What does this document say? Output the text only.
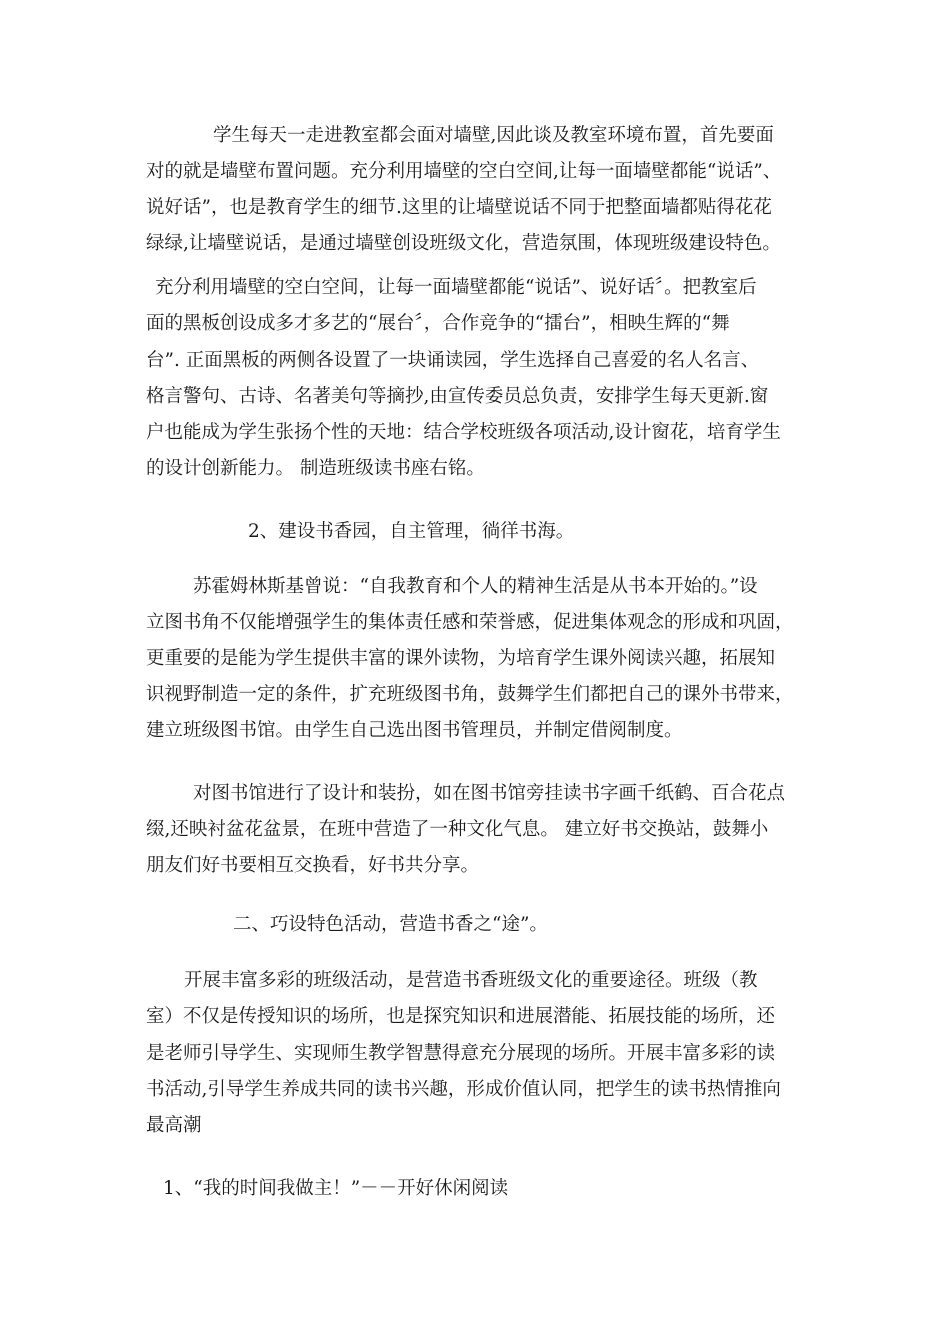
学生每天一走进教室都会面对墙壁,因此谈及教室环境布置，首先要面
对的就是墙壁布置问题。充分利用墙壁的空白空间,让每一面墙壁都能“说话”、
说好话”，也是教育学生的细节.这里的让墙壁说话不同于把整面墙都贴得花花
绿绿,让墙壁说话，是通过墙壁创设班级文化，营造氛围，体现班级建设特色。
充分利用墙壁的空白空间，让每一面墙壁都能“说话”、说好话〞。把教室后
面的黑板创设成多才多艺的“展台〞，合作竞争的“擂台”，相映生辉的“舞
台”. 正面黑板的两侧各设置了一块诵读园，学生选择自己喜爱的名人名言、
格言警句、古诗、名著美句等摘抄,由宣传委员总负责，安排学生每天更新.窗
户也能成为学生张扬个性的天地：结合学校班级各项活动,设计窗花，培育学生
的设计创新能力。 制造班级读书座右铭。
2、建设书香园，自主管理，徜徉书海。
苏霍姆林斯基曾说：“自我教育和个人的精神生活是从书本开始的。”设
立图书角不仅能增强学生的集体责任感和荣誉感，促进集体观念的形成和巩固，
更重要的是能为学生提供丰富的课外读物，为培育学生课外阅读兴趣，拓展知
识视野制造一定的条件，扩充班级图书角，鼓舞学生们都把自己的课外书带来，
建立班级图书馆。由学生自己选出图书管理员，并制定借阅制度。
对图书馆进行了设计和装扮，如在图书馆旁挂读书字画千纸鹤、百合花点
缀,还映衬盆花盆景，在班中营造了一种文化气息。 建立好书交换站，鼓舞小
朋友们好书要相互交换看，好书共分享。
二、巧设特色活动，营造书香之“途”。
开展丰富多彩的班级活动，是营造书香班级文化的重要途径。班级（教
室）不仅是传授知识的场所，也是探究知识和进展潜能、拓展技能的场所，还
是老师引导学生、实现师生教学智慧得意充分展现的场所。开展丰富多彩的读
书活动,引导学生养成共同的读书兴趣，形成价值认同，把学生的读书热情推向
最高潮
1、“我的时间我做主！”－－开好休闲阅读
